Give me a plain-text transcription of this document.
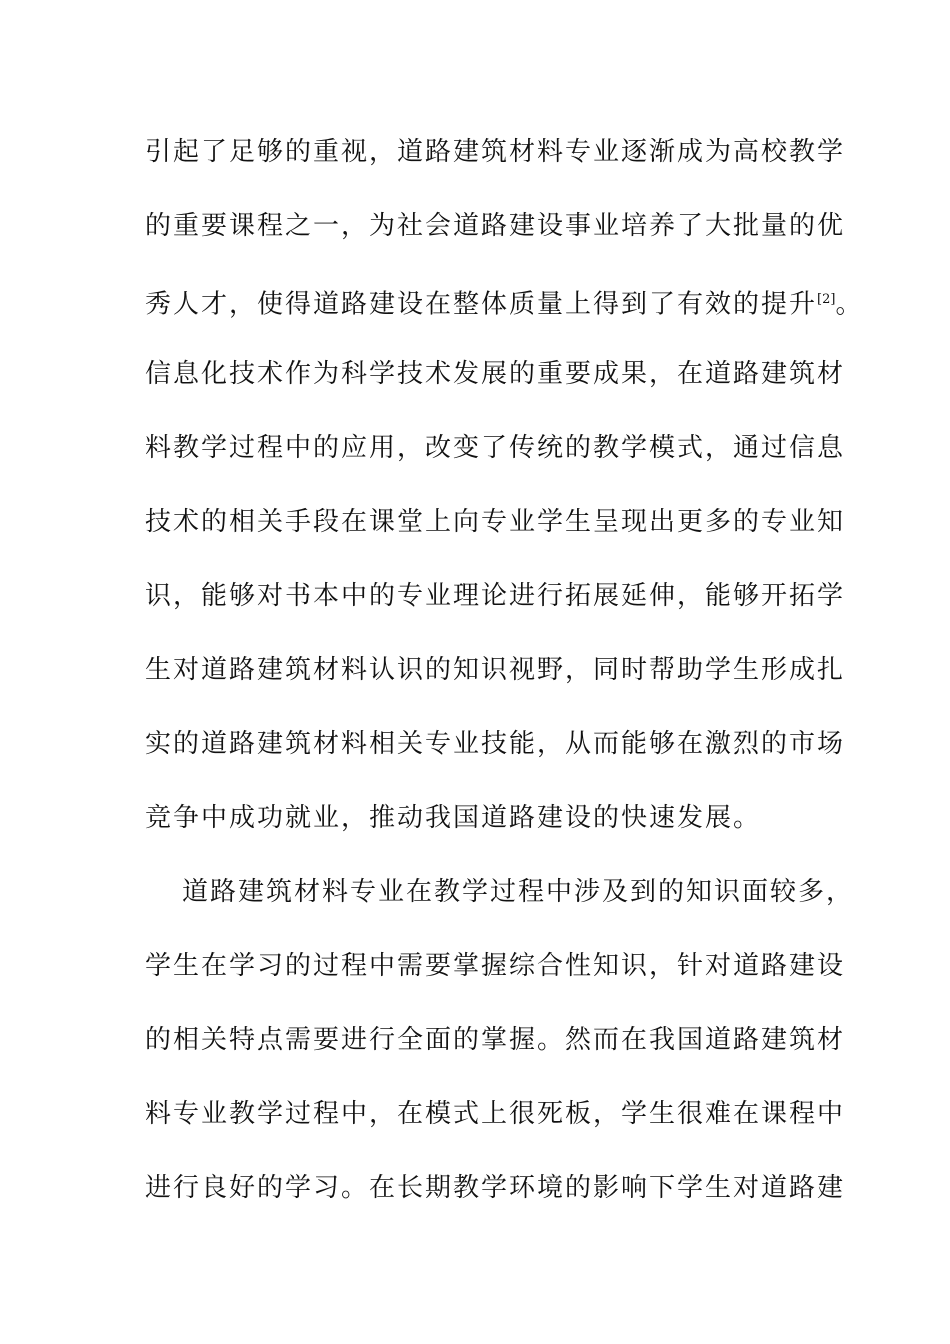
引起了足够的重视，道路建筑材料专业逐渐成为高校教学
的重要课程之一，为社会道路建设事业培养了大批量的优
秀人才，使得道路建设在整体质量上得到了有效的提升[2]。
信息化技术作为科学技术发展的重要成果，在道路建筑材
料教学过程中的应用，改变了传统的教学模式，通过信息
技术的相关手段在课堂上向专业学生呈现出更多的专业知
识，能够对书本中的专业理论进行拓展延伸，能够开拓学
生对道路建筑材料认识的知识视野，同时帮助学生形成扎
实的道路建筑材料相关专业技能，从而能够在激烈的市场
竞争中成功就业，推动我国道路建设的快速发展。
道路建筑材料专业在教学过程中涉及到的知识面较多，
学生在学习的过程中需要掌握综合性知识，针对道路建设
的相关特点需要进行全面的掌握。然而在我国道路建筑材
料专业教学过程中，在模式上很死板，学生很难在课程中
进行良好的学习。在长期教学环境的影响下学生对道路建
